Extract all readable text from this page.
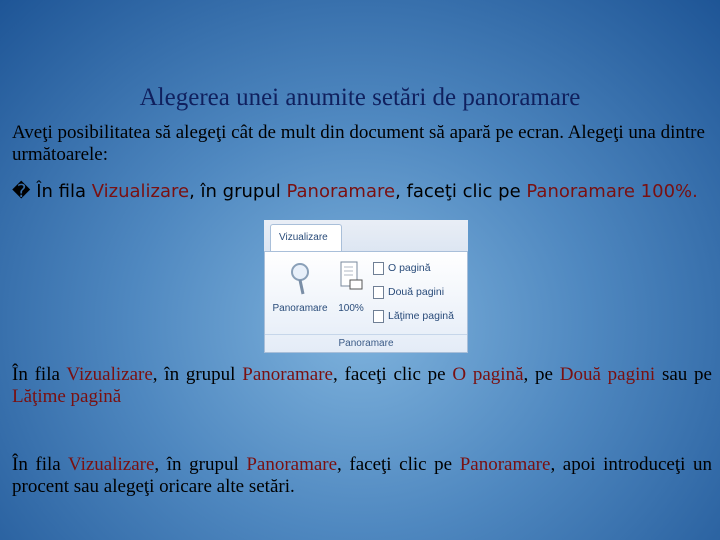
Alegerea unei anumite setări de panoramare
Aveţi posibilitatea să alegeţi cât de mult din document să apară pe ecran. Alegeţi una dintre următoarele:
� În fila Vizualizare, în grupul Panoramare, faceţi clic pe Panoramare 100%.
Vizualizare
Panoramare	100%
O pagină
Două pagini
Lăţime pagină
Panoramare
În fila Vizualizare, în grupul Panoramare, faceţi clic pe O pagină, pe Două pagini sau pe Lăţime pagină
În fila Vizualizare, în grupul Panoramare, faceţi clic pe Panoramare, apoi introduceţi un procent sau alegeţi oricare alte setări.
